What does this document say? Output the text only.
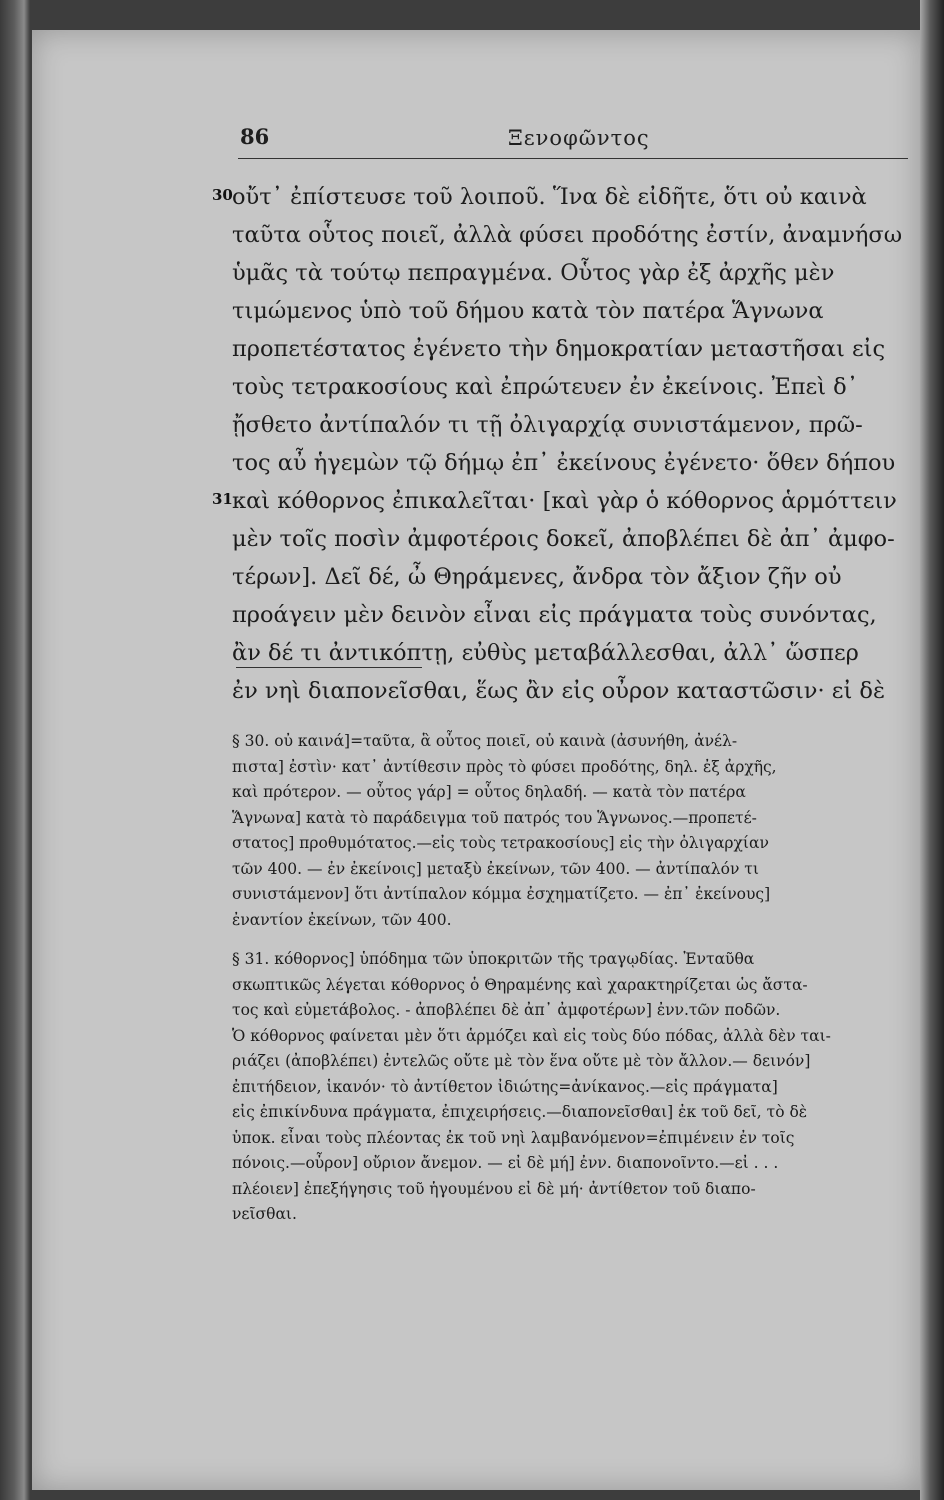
86	Ξενοφῶντος
30 οὔτ᾽ ἐπίστευσε τοῦ λοιποῦ. Ἵνα δὲ εἰδῆτε, ὅτι οὐ καινὰ
ταῦτα οὗτος ποιεῖ, ἀλλὰ φύσει προδότης ἐστίν, ἀναμνήσω
ὑμᾶς τὰ τούτῳ πεπραγμένα. Οὗτος γὰρ ἐξ ἀρχῆς μὲν
τιμώμενος ὑπὸ τοῦ δήμου κατὰ τὸν πατέρα Ἅγνωνα
προπετέστατος ἐγένετο τὴν δημοκρατίαν μεταστῆσαι εἰς
τοὺς τετρακοσίους καὶ ἐπρώτευεν ἐν ἐκείνοις. Ἐπεὶ δ᾽
ᾔσθετο ἀντίπαλόν τι τῇ ὀλιγαρχίᾳ συνιστάμενον, πρῶ-
τος αὖ ἡγεμὼν τῷ δήμῳ ἐπ᾽ ἐκείνους ἐγένετο· ὅθεν δήπου
31 καὶ κόθορνος ἐπικαλεῖται· [καὶ γὰρ ὁ κόθορνος ἁρμόττειν
μὲν τοῖς ποσὶν ἀμφοτέροις δοκεῖ, ἀποβλέπει δὲ ἀπ᾽ ἀμφο-
τέρων]. Δεῖ δέ, ὦ Θηράμενες, ἄνδρα τὸν ἄξιον ζῆν οὐ
προάγειν μὲν δεινὸν εἶναι εἰς πράγματα τοὺς συνόντας,
ἂν δέ τι ἀντικόπτῃ, εὐθὺς μεταβάλλεσθαι, ἀλλ᾽ ὥσπερ
ἐν νηὶ διαπονεῖσθαι, ἕως ἂν εἰς οὖρον καταστῶσιν· εἰ δὲ
§ 30. οὐ καινά]=ταῦτα, ἃ οὗτος ποιεῖ, οὐ καινὰ (ἀσυνήθη, ἀνέλ-
πιστα] ἐστὶν· κατ᾽ ἀντίθεσιν πρὸς τὸ φύσει προδότης, δηλ. ἐξ ἀρχῆς,
καὶ πρότερον. — οὗτος γάρ] = οὗτος δηλαδή. — κατὰ τὸν πατέρα
Ἅγνωνα] κατὰ τὸ παράδειγμα τοῦ πατρός του Ἅγνωνος.—προπετέ-
στατος] προθυμότατος.—εἰς τοὺς τετρακοσίους] εἰς τὴν ὀλιγαρχίαν
τῶν 400. — ἐν ἐκείνοις] μεταξὺ ἐκείνων, τῶν 400. — ἀντίπαλόν τι
συνιστάμενον] ὅτι ἀντίπαλον κόμμα ἐσχηματίζετο. — ἐπ᾽ ἐκείνους]
ἐναντίον ἐκείνων, τῶν 400.
§ 31. κόθορνος] ὑπόδημα τῶν ὑποκριτῶν τῆς τραγῳδίας. Ἐνταῦθα
σκωπτικῶς λέγεται κόθορνος ὁ Θηραμένης καὶ χαρακτηρίζεται ὡς ἄστα-
τος καὶ εὐμετάβολος. - ἀποβλέπει δὲ ἀπ᾽ ἀμφοτέρων] ἐνν.τῶν ποδῶν.
Ὁ κόθορνος φαίνεται μὲν ὅτι ἁρμόζει καὶ εἰς τοὺς δύο πόδας, ἀλλὰ δὲν ται-
ριάζει (ἀποβλέπει) ἐντελῶς οὔτε μὲ τὸν ἕνα οὔτε μὲ τὸν ἄλλον.— δεινόν]
ἐπιτήδειον, ἱκανόν· τὸ ἀντίθετον ἰδιώτης=ἀνίκανος.—εἰς πράγματα]
εἰς ἐπικίνδυνα πράγματα, ἐπιχειρήσεις.—διαπονεῖσθαι] ἐκ τοῦ δεῖ, τὸ δὲ
ὑποκ. εἶναι τοὺς πλέοντας ἐκ τοῦ νηὶ λαμβανόμενον=ἐπιμένειν ἐν τοῖς
πόνοις.—οὖρον] οὔριον ἄνεμον. — εἰ δὲ μή] ἐνν. διαπονοῖντο.—εἰ . . .
πλέοιεν] ἐπεξήγησις τοῦ ἡγουμένου εἰ δὲ μή· ἀντίθετον τοῦ διαπο-
νεῖσθαι.
